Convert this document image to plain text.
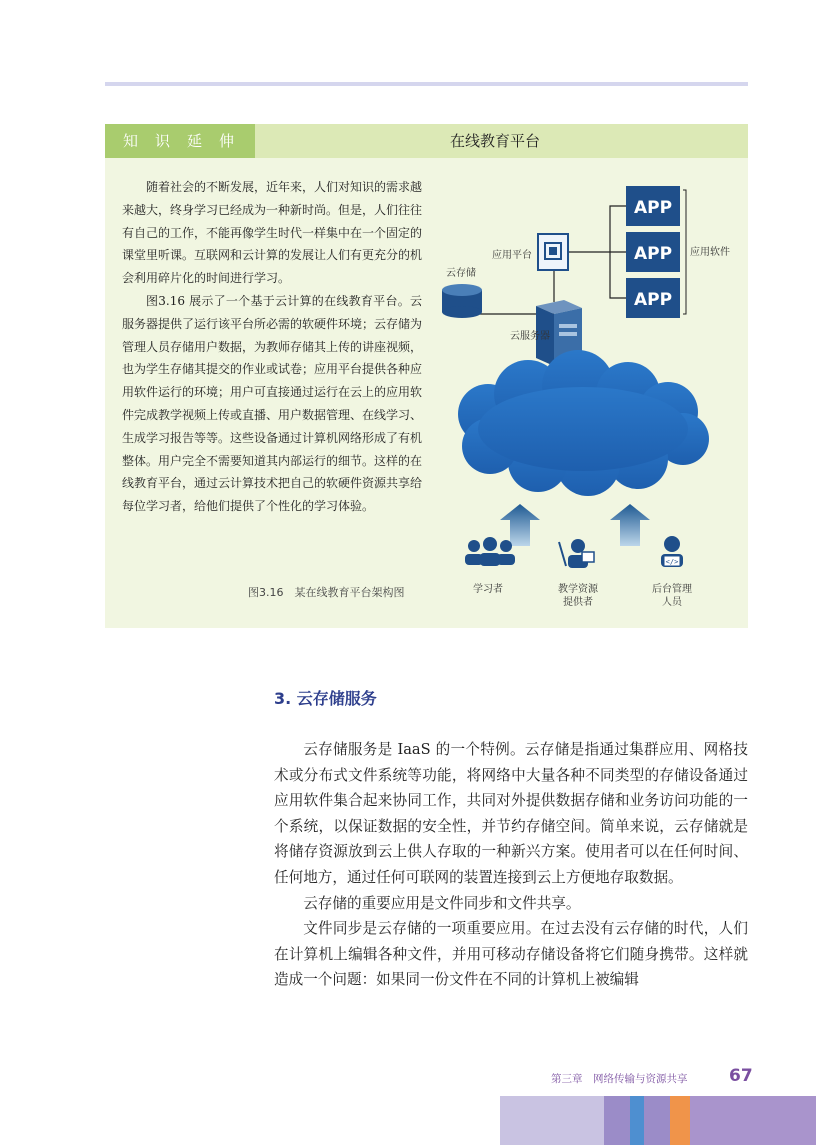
知识延伸	在线教育平台

随着社会的不断发展，近年来，人们对知识的需求越来越大，终身学习已经成为一种新时尚。但是，人们往往有自己的工作，不能再像学生时代一样集中在一个固定的课堂里听课。互联网和云计算的发展让人们有更充分的机会利用碎片化的时间进行学习。

图3.16 展示了一个基于云计算的在线教育平台。云服务器提供了运行该平台所必需的软硬件环境；云存储为管理人员存储用户数据，为教师存储其上传的讲座视频，也为学生存储其提交的作业或试卷；应用平台提供各种应用软件运行的环境；用户可直接通过运行在云上的应用软件完成教学视频上传或直播、用户数据管理、在线学习、生成学习报告等等。这些设备通过计算机网络形成了有机整体。用户完全不需要知道其内部运行的细节。这样的在线教育平台，通过云计算技术把自己的软硬件资源共享给每位学习者，给他们提供了个性化的学习体验。

图3.16　某在线教育平台架构图
APP
APP
APP
应用软件
应用平台
云存储
云服务器
学习者	教学资源
提供者
</>
后台管理
人员
3. 云存储服务

云存储服务是 IaaS 的一个特例。云存储是指通过集群应用、网格技术或分布式文件系统等功能，将网络中大量各种不同类型的存储设备通过应用软件集合起来协同工作，共同对外提供数据存储和业务访问功能的一个系统，以保证数据的安全性，并节约存储空间。简单来说，云存储就是将储存资源放到云上供人存取的一种新兴方案。使用者可以在任何时间、任何地方，通过任何可联网的装置连接到云上方便地存取数据。

云存储的重要应用是文件同步和文件共享。

文件同步是云存储的一项重要应用。在过去没有云存储的时代，人们在计算机上编辑各种文件，并用可移动存储设备将它们随身携带。这样就造成一个问题：如果同一份文件在不同的计算机上被编辑

第三章　网络传输与资源共享 67
